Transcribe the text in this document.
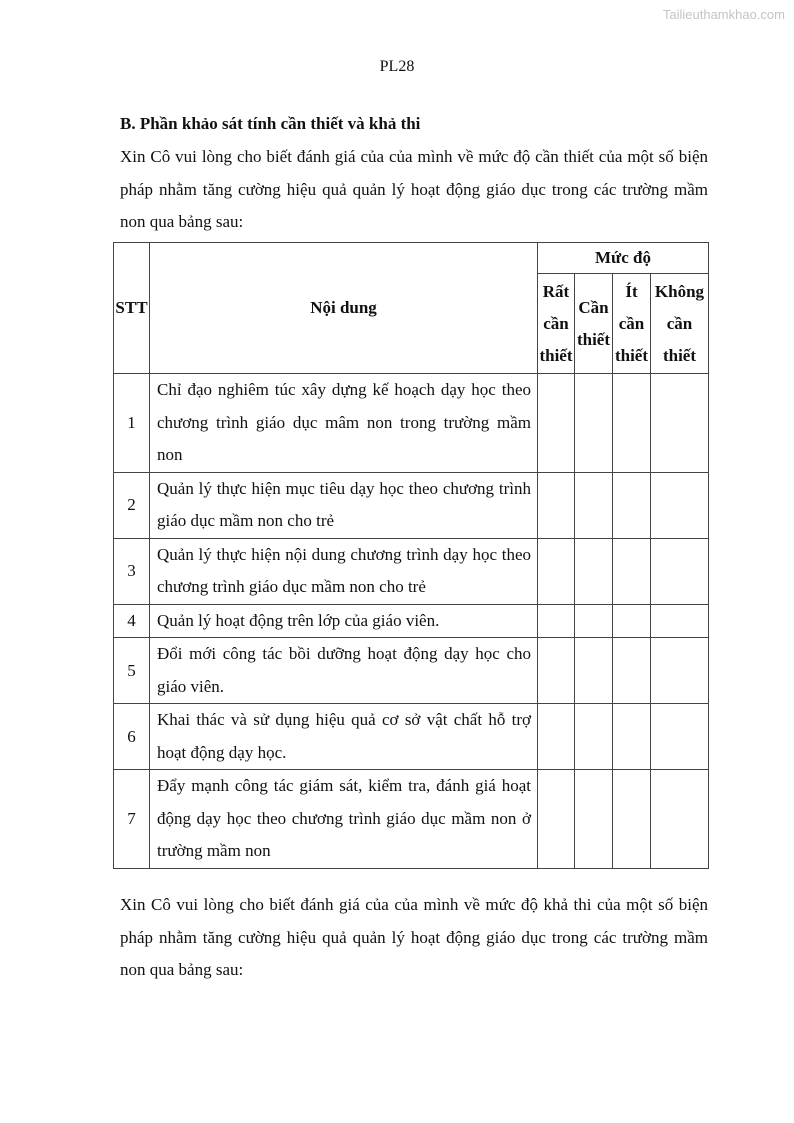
Tailieuthamkhao.com
PL28
B. Phần khảo sát tính cần thiết và khả thi

Xin Cô vui lòng cho biết đánh giá của của mình về mức độ cần thiết của một số biện pháp nhằm tăng cường hiệu quả quản lý hoạt động giáo dục trong các trường mầm non qua bảng sau:

STT	Nội dung	Mức độ			
		Rất cần thiết	Cần thiết	Ít cần thiết	Không cần thiết
1	Chỉ đạo nghiêm túc xây dựng kế hoạch dạy học theo chương trình giáo dục mâm non trong trường mầm non				
2	Quản lý thực hiện mục tiêu dạy học theo chương trình giáo dục mầm non cho trẻ				
3	Quản lý thực hiện nội dung chương trình dạy học theo chương trình giáo dục mầm non cho trẻ				
4	Quản lý hoạt động trên lớp của giáo viên.				
5	Đổi mới công tác bồi dưỡng hoạt động dạy học cho giáo viên.				
6	Khai thác và sử dụng hiệu quả cơ sở vật chất hỗ trợ hoạt động dạy học.				
7	Đẩy mạnh công tác giám sát, kiểm tra, đánh giá hoạt động dạy học theo chương trình giáo dục mầm non ở trường mầm non				

Xin Cô vui lòng cho biết đánh giá của của mình về mức độ khả thi của một số biện pháp nhằm tăng cường hiệu quả quản lý hoạt động giáo dục trong các trường mầm non qua bảng sau:
